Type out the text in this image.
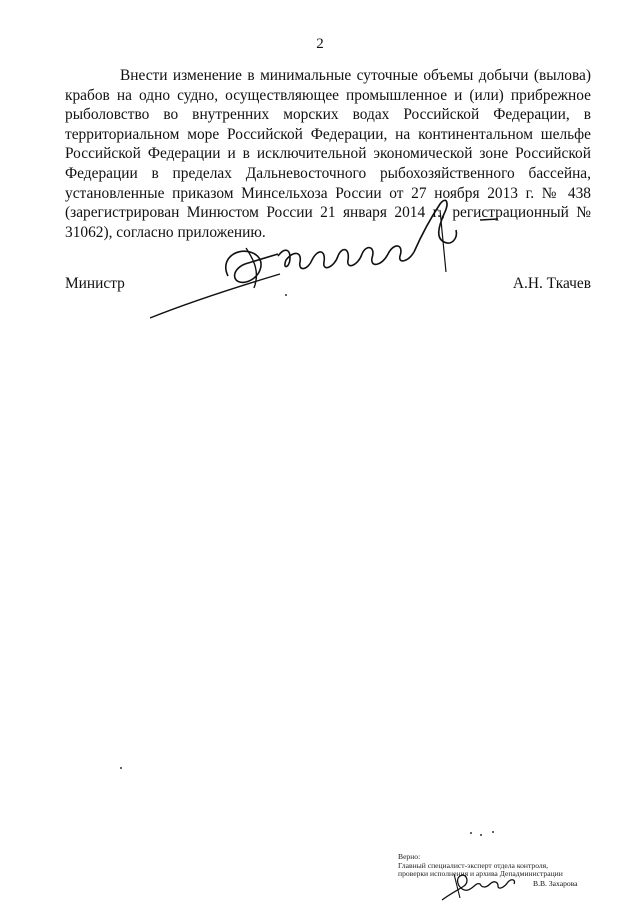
2

Внести изменение в минимальные суточные объемы добычи (вылова) крабов на одно судно, осуществляющее промышленное и (или) прибрежное рыболовство во внутренних морских водах Российской Федерации, в территориальном море Российской Федерации, на континентальном шельфе Российской Федерации и в исключительной экономической зоне Российской Федерации в пределах Дальневосточного рыбохозяйственного бассейна, установленные приказом Минсельхоза России от 27 ноября 2013 г. № 438 (зарегистрирован Минюстом России 21 января 2014 г., регистрационный № 31062), согласно приложению.

Министр	А.Н. Ткачев
Верно:
Главный специалист-эксперт отдела контроля,
проверки исполнения и архива Депадминистрации
В.В. Захарова
